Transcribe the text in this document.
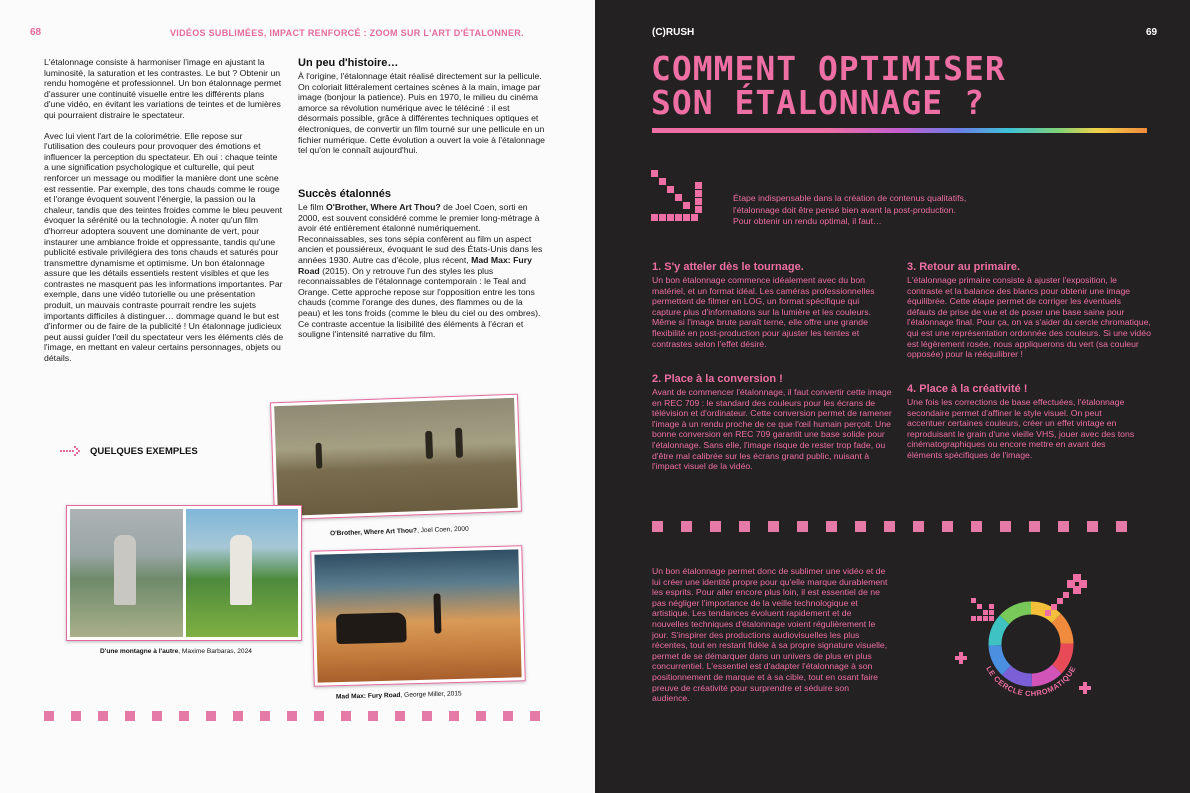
68	VIDÉOS SUBLIMÉES, IMPACT RENFORCÉ : ZOOM SUR L'ART D'ÉTALONNER.

L'étalonnage consiste à harmoniser l'image en ajustant la luminosité, la saturation et les contrastes. Le but ? Obtenir un rendu homogène et professionnel. Un bon étalonnage permet d'assurer une continuité visuelle entre les différents plans d'une vidéo, en évitant les variations de teintes et de lumières qui pourraient distraire le spectateur.

Avec lui vient l'art de la colorimétrie. Elle repose sur l'utilisation des couleurs pour provoquer des émotions et influencer la perception du spectateur. Eh oui : chaque teinte a une signification psychologique et culturelle, qui peut renforcer un message ou modifier la manière dont une scène est ressentie. Par exemple, des tons chauds comme le rouge et l'orange évoquent souvent l'énergie, la passion ou la chaleur, tandis que des teintes froides comme le bleu peuvent évoquer la sérénité ou la technologie. À noter qu'un film d'horreur adoptera souvent une dominante de vert, pour instaurer une ambiance froide et oppressante, tandis qu'une publicité estivale privilégiera des tons chauds et saturés pour transmettre dynamisme et optimisme. Un bon étalonnage assure que les détails essentiels restent visibles et que les contrastes ne masquent pas les informations importantes. Par exemple, dans une vidéo tutorielle ou une présentation produit, un mauvais contraste pourrait rendre les sujets importants difficiles à distinguer… dommage quand le but est d'informer ou de faire de la publicité ! Un étalonnage judicieux peut aussi guider l'œil du spectateur vers les éléments clés de l'image, en mettant en valeur certains personnages, objets ou détails.

Un peu d'histoire…
À l'origine, l'étalonnage était réalisé directement sur la pellicule. On coloriait littéralement certaines scènes à la main, image par image (bonjour la patience). Puis en 1970, le milieu du cinéma amorce sa révolution numérique avec le téléciné : il est désormais possible, grâce à différentes techniques optiques et électroniques, de convertir un film tourné sur une pellicule en un fichier numérique. Cette évolution a ouvert la voie à l'étalonnage tel qu'on le connaît aujourd'hui.
Succès étalonnés
Le film O'Brother, Where Art Thou? de Joel Coen, sorti en 2000, est souvent considéré comme le premier long-métrage à avoir été entièrement étalonné numériquement. Reconnaissables, ses tons sépia confèrent au film un aspect ancien et poussiéreux, évoquant le sud des États-Unis dans les années 1930. Autre cas d'école, plus récent, Mad Max: Fury Road (2015). On y retrouve l'un des styles les plus reconnaissables de l'étalonnage contemporain : le Teal and Orange. Cette approche repose sur l'opposition entre les tons chauds (comme l'orange des dunes, des flammes ou de la peau) et les tons froids (comme le bleu du ciel ou des ombres). Ce contraste accentue la lisibilité des éléments à l'écran et souligne l'intensité narrative du film.
QUELQUES EXEMPLES
O'Brother, Where Art Thou?, Joel Coen, 2000
D'une montagne à l'autre, Maxime Barbaras, 2024
Mad Max: Fury Road, George Miller, 2015
(C)RUSH	69
COMMENT OPTIMISER
SON ÉTALONNAGE ?
Étape indispensable dans la création de contenus qualitatifs, l'étalonnage doit être pensé bien avant la post-production. Pour obtenir un rendu optimal, il faut…
1. S'y atteler dès le tournage.
Un bon étalonnage commence idéalement avec du bon matériel, et un format idéal. Les caméras professionnelles permettent de filmer en LOG, un format spécifique qui capture plus d'informations sur la lumière et les couleurs. Même si l'image brute paraît terne, elle offre une grande flexibilité en post-production pour ajuster les teintes et contrastes selon l'effet désiré.
2. Place à la conversion !
Avant de commencer l'étalonnage, il faut convertir cette image en REC 709 : le standard des couleurs pour les écrans de télévision et d'ordinateur. Cette conversion permet de ramener l'image à un rendu proche de ce que l'œil humain perçoit. Une bonne conversion en REC 709 garantit une base solide pour l'étalonnage. Sans elle, l'image risque de rester trop fade, ou d'être mal calibrée sur les écrans grand public, nuisant à l'impact visuel de la vidéo.
3. Retour au primaire.
L'étalonnage primaire consiste à ajuster l'exposition, le contraste et la balance des blancs pour obtenir une image équilibrée. Cette étape permet de corriger les éventuels défauts de prise de vue et de poser une base saine pour l'étalonnage final. Pour ça, on va s'aider du cercle chromatique, qui est une représentation ordonnée des couleurs. Si une vidéo est légèrement rosée, nous appliquerons du vert (sa couleur opposée) pour la rééquilibrer !
4. Place à la créativité !
Une fois les corrections de base effectuées, l'étalonnage secondaire permet d'affiner le style visuel. On peut accentuer certaines couleurs, créer un effet vintage en reproduisant le grain d'une vieille VHS, jouer avec des tons cinématographiques ou encore mettre en avant des éléments spécifiques de l'image.
Un bon étalonnage permet donc de sublimer une vidéo et de lui créer une identité propre pour qu'elle marque durablement les esprits. Pour aller encore plus loin, il est essentiel de ne pas négliger l'importance de la veille technologique et artistique. Les tendances évoluent rapidement et de nouvelles techniques d'étalonnage voient régulièrement le jour. S'inspirer des productions audiovisuelles les plus récentes, tout en restant fidèle à sa propre signature visuelle, permet de se démarquer dans un univers de plus en plus concurrentiel. L'essentiel est d'adapter l'étalonnage à son positionnement de marque et à sa cible, tout en osant faire preuve de créativité pour surprendre et séduire son audience.
LE CERCLE CHROMATIQUE
